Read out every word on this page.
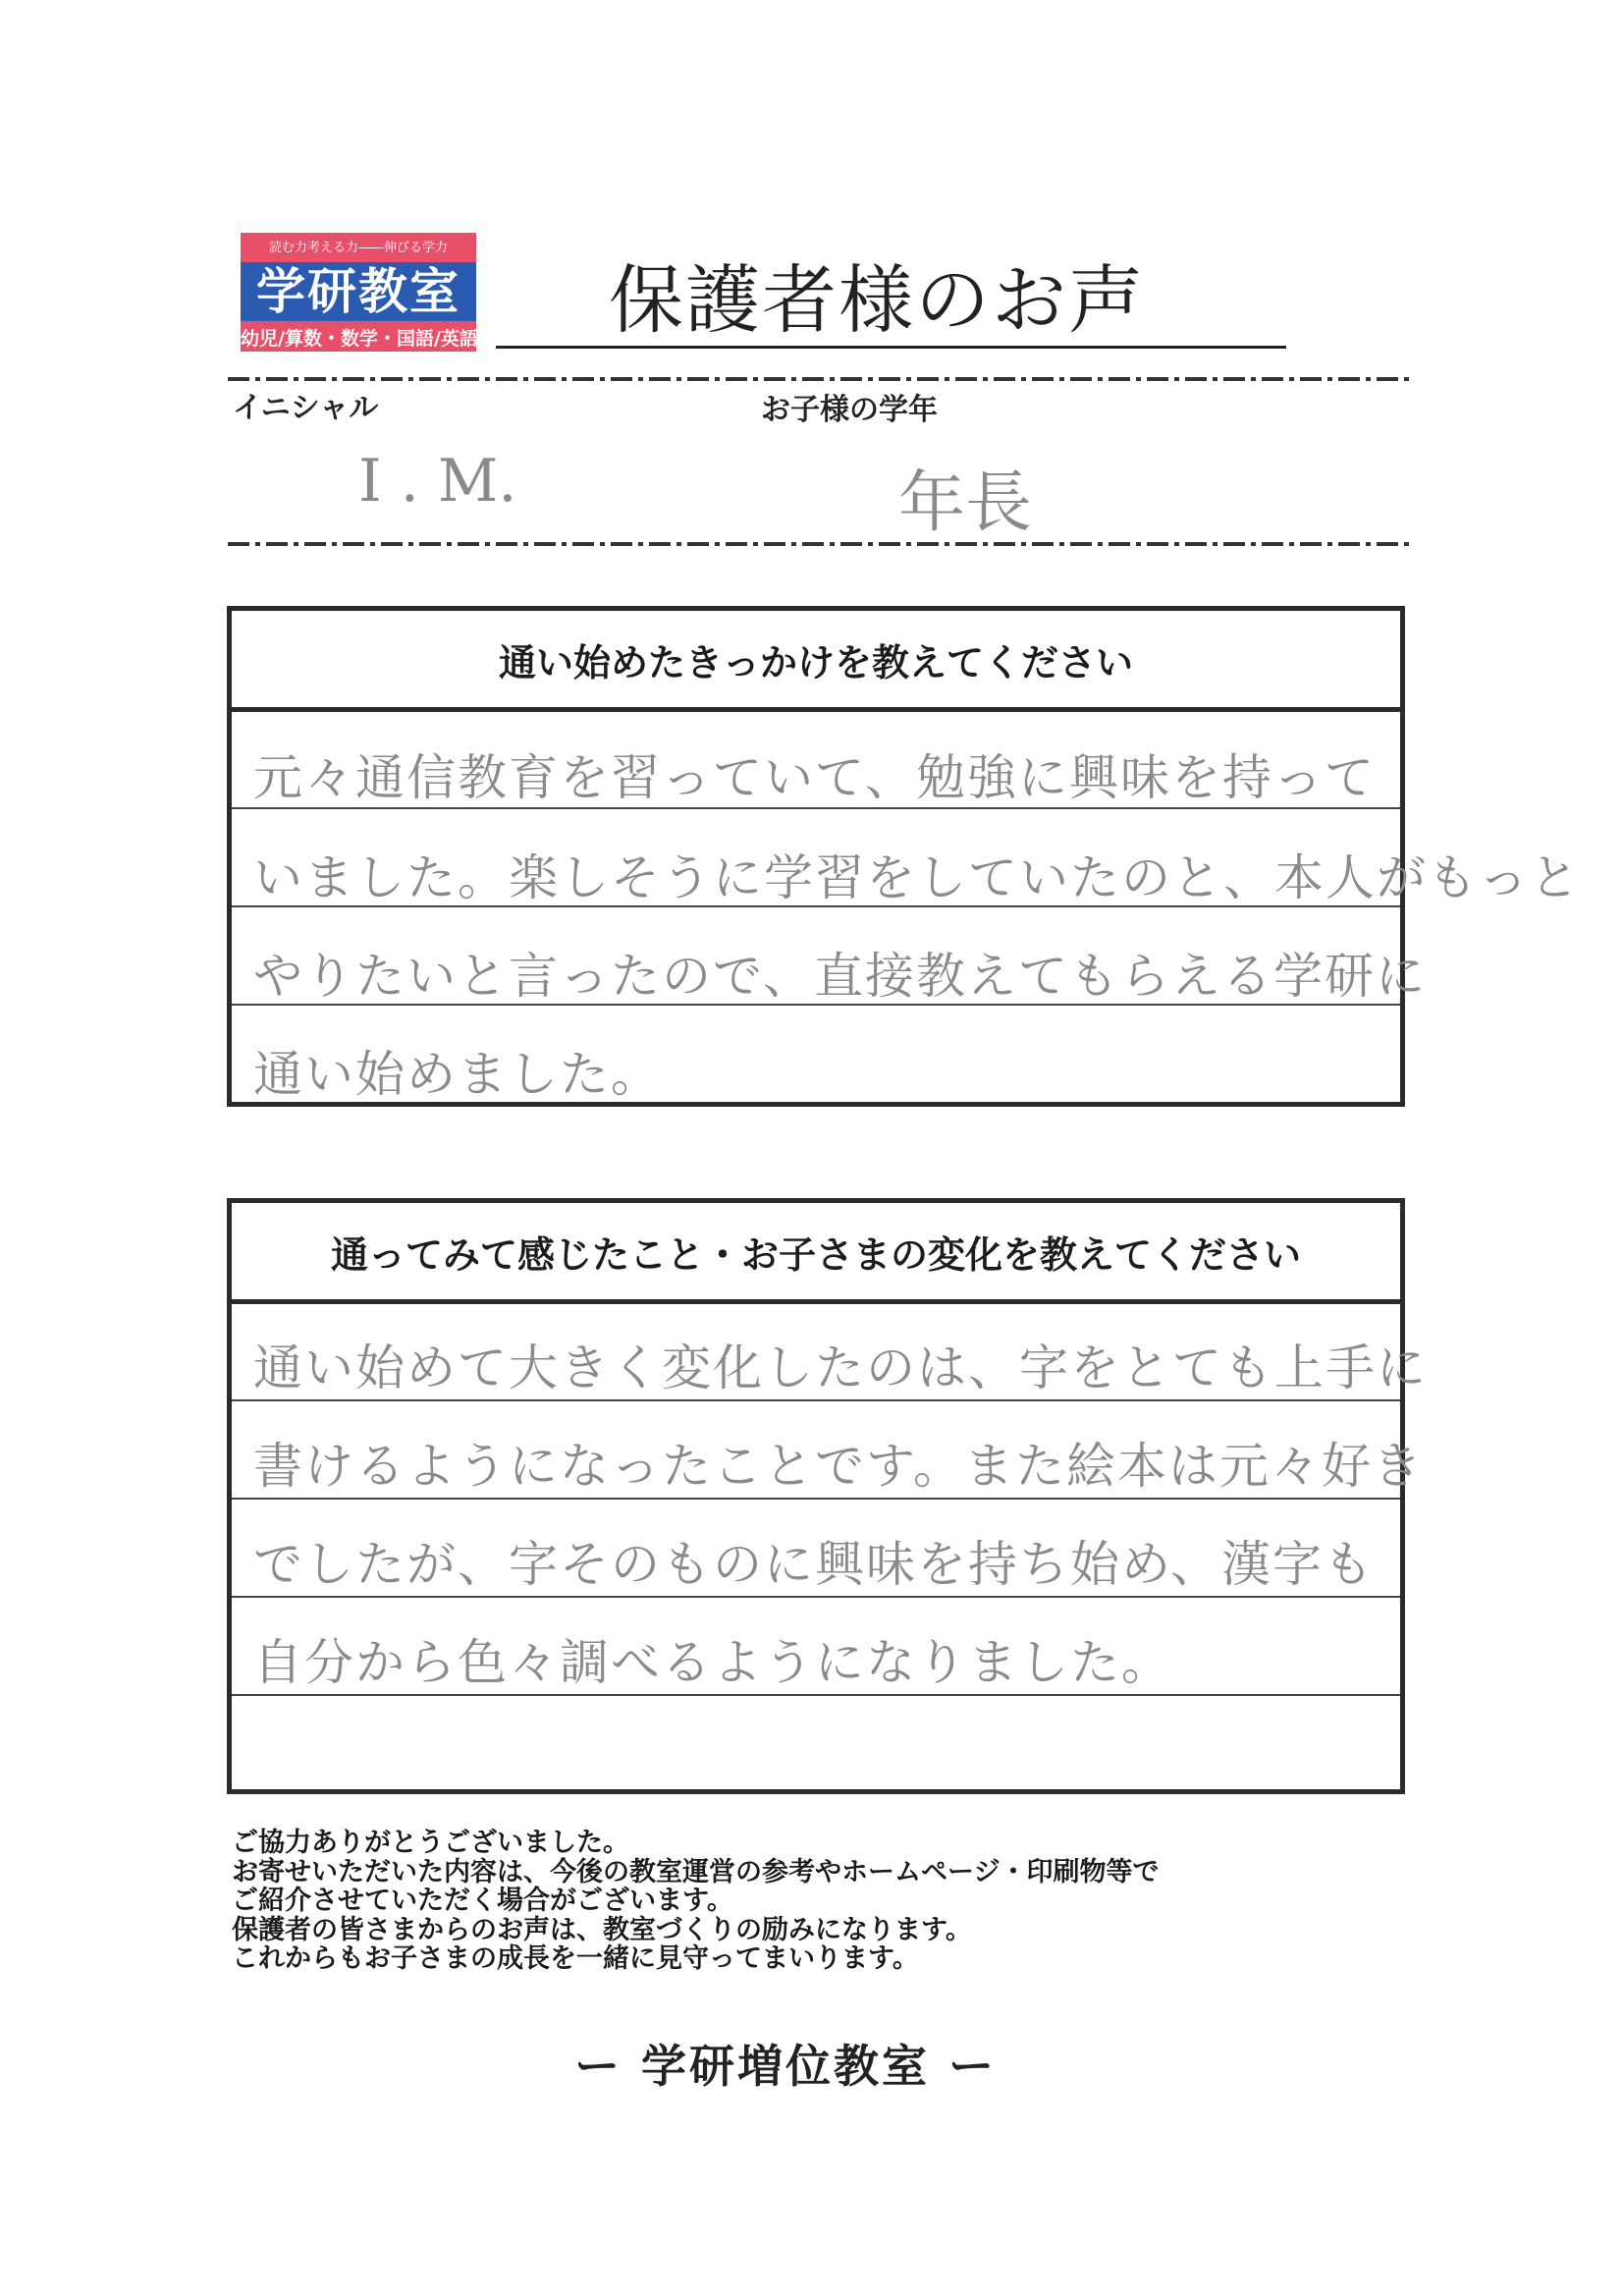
読む力考える力――伸びる学力
学研教室
幼児/算数・数学・国語/英語 保護者様のお声
イニシャル	お子様の学年
I . M.	年長
通い始めたきっかけを教えてください
元々通信教育を習っていて、勉強に興味を持って
いました。楽しそうに学習をしていたのと、本人がもっと
やりたいと言ったので、直接教えてもらえる学研に
通い始めました。
通ってみて感じたこと・お子さまの変化を教えてください
通い始めて大きく変化したのは、字をとても上手に
書けるようになったことです。また絵本は元々好き
でしたが、字そのものに興味を持ち始め、漢字も
自分から色々調べるようになりました。
ご協力ありがとうございました。
お寄せいただいた内容は、今後の教室運営の参考やホームページ・印刷物等で
ご紹介させていただく場合がございます。
保護者の皆さまからのお声は、教室づくりの励みになります。
これからもお子さまの成長を一緒に見守ってまいります。
ー 学研増位教室 ー
